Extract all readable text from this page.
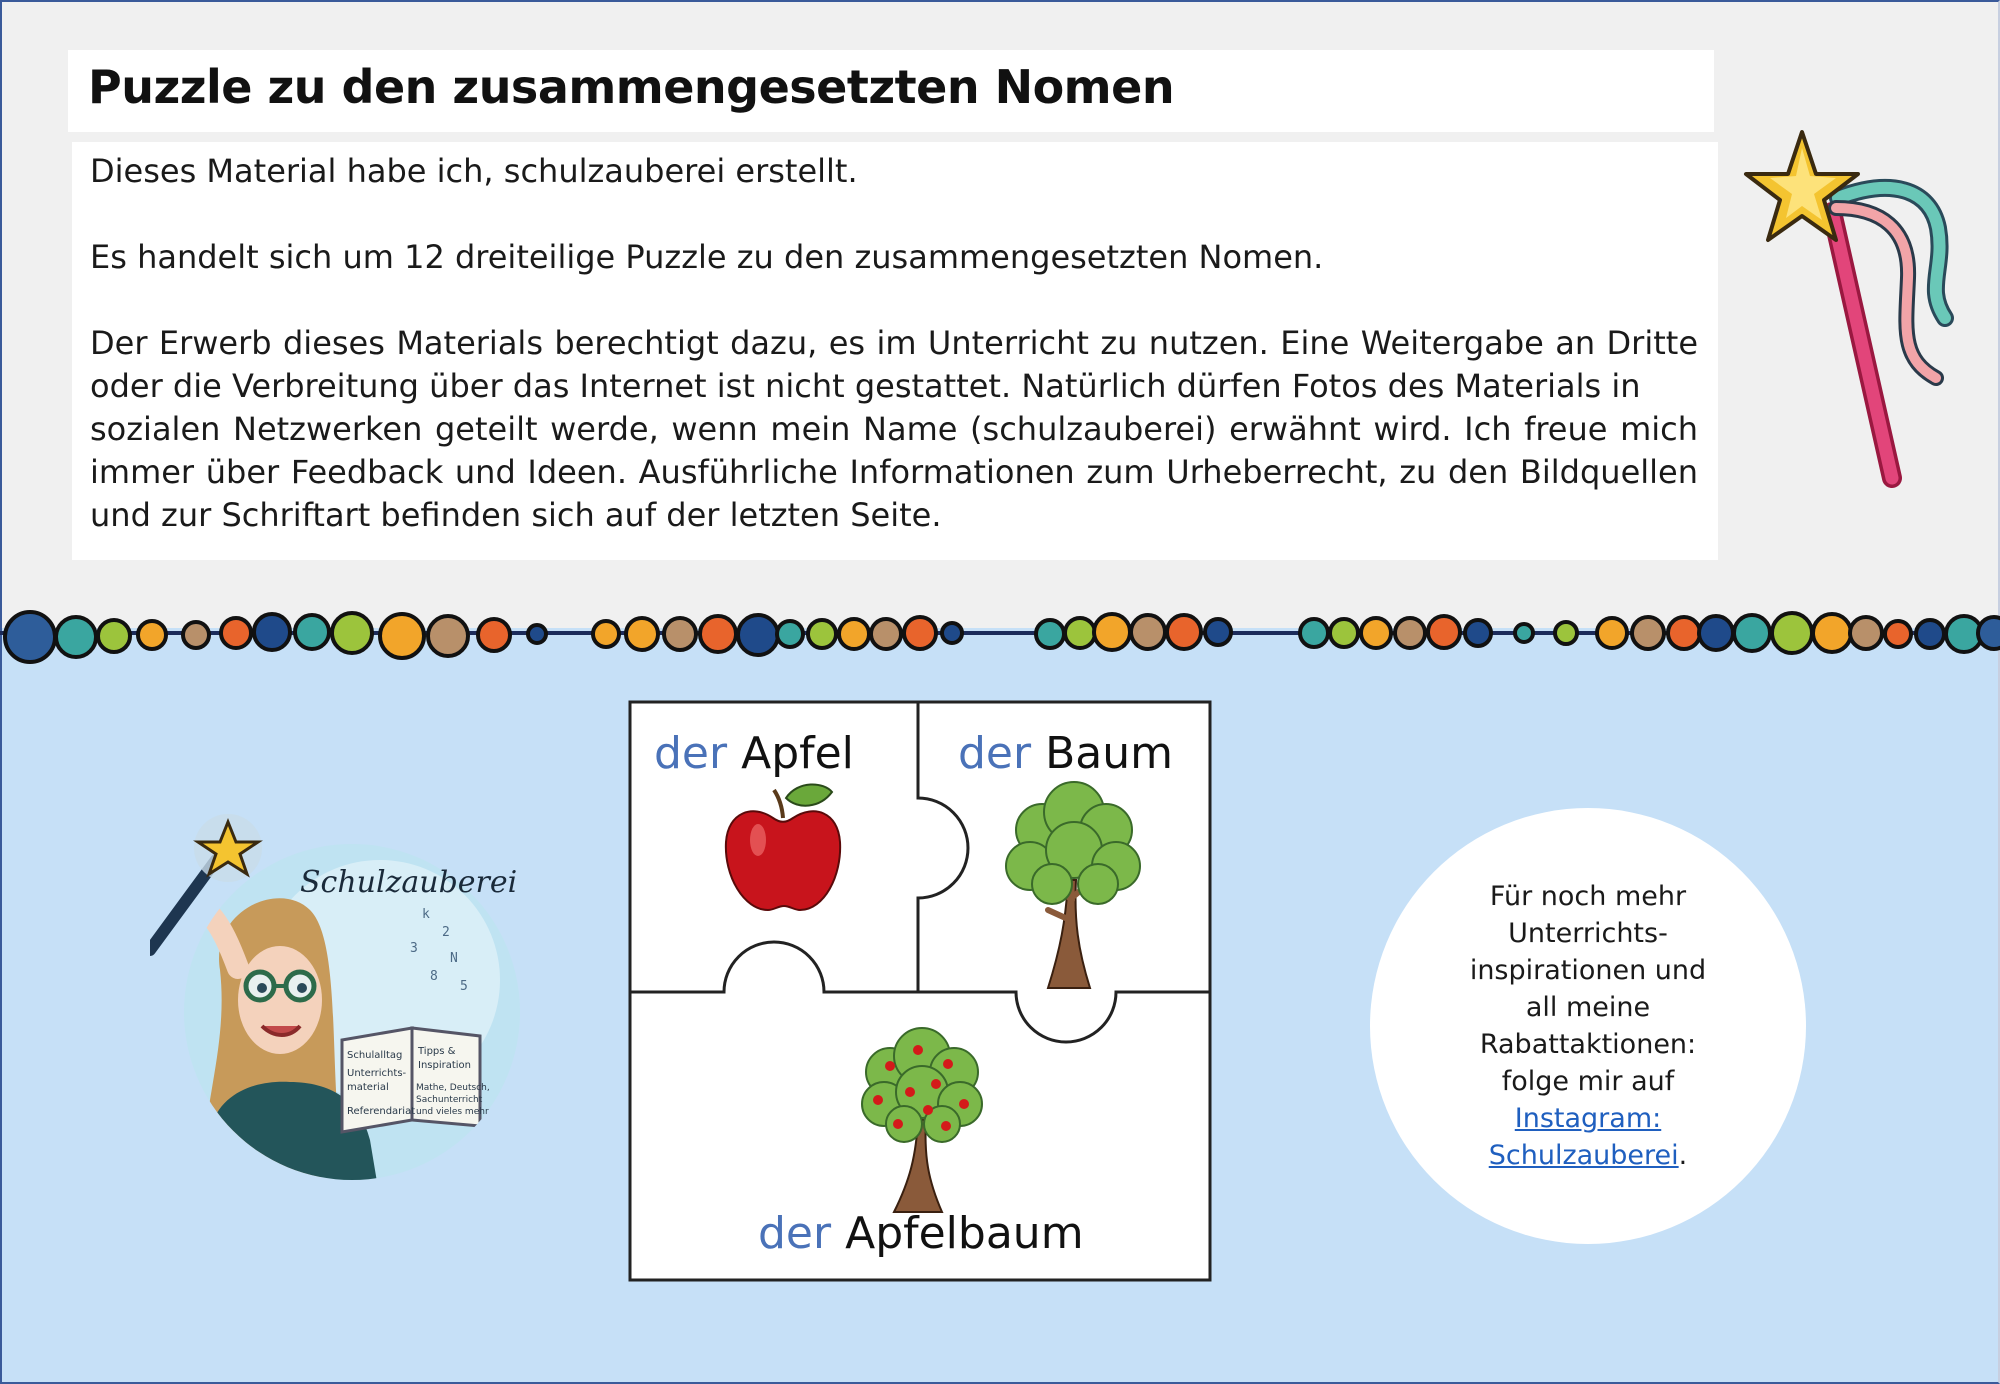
Puzzle zu den zusammengesetzten Nomen

Dieses Material habe ich, schulzauberei erstellt.

Es handelt sich um 12 dreiteilige Puzzle zu den zusammengesetzten Nomen.

Der Erwerb dieses Materials berechtigt dazu, es im Unterricht zu nutzen. Eine Weitergabe an Dritte oder die Verbreitung über das Internet ist nicht gestattet. Natürlich dürfen Fotos des Materials in

sozialen Netzwerken geteilt werde, wenn mein Name (schulzauberei) erwähnt wird. Ich freue mich immer über Feedback und Ideen. Ausführliche Informationen zum Urheberrecht, zu den Bildquellen und zur Schriftart befinden sich auf der letzten Seite.

Schulzauberei
k
2
3
N
8
5
Schulalltag
Unterrichts-
material
Referendariat
Tipps &
Inspiration
Mathe, Deutsch,
Sachunterricht
und vieles mehr
der Apfel der Baum
der Apfelbaum

Für noch mehr
Unterrichts-
inspirationen und
all meine
Rabattaktionen:
folge mir auf
Instagram:
Schulzauberei.
